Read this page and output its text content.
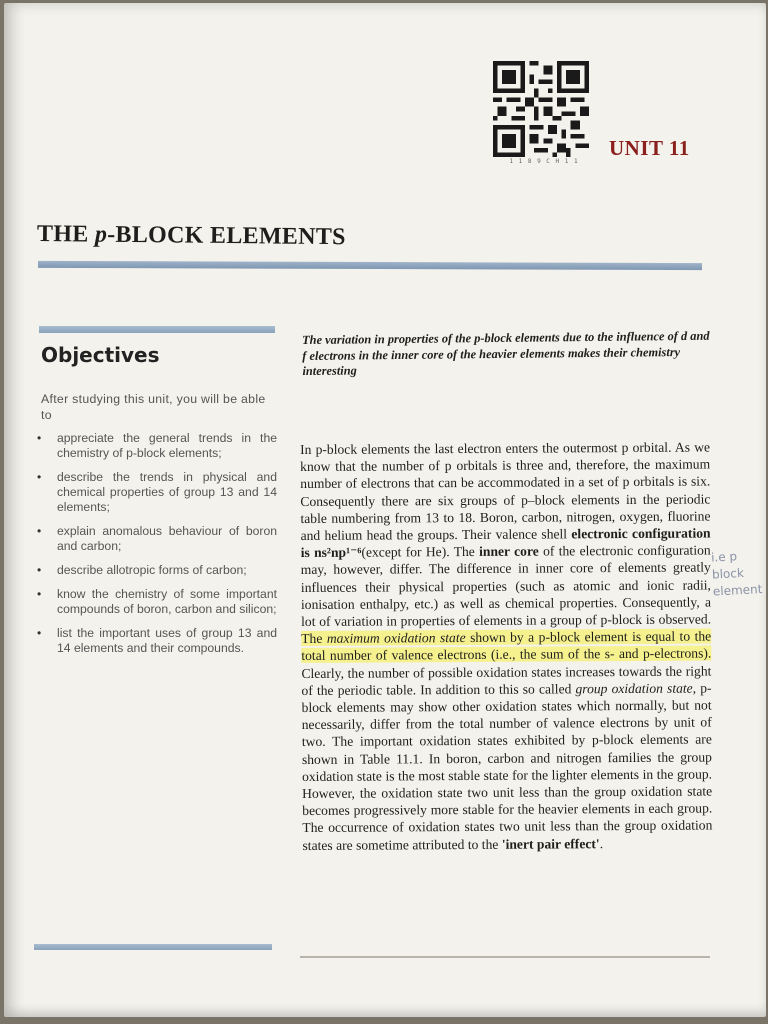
1 1 8 9 C H 1 1
UNIT 11
THE p-BLOCK ELEMENTS
Objectives
After studying this unit, you will be able to
• appreciate the general trends in the chemistry of p-block elements;
• describe the trends in physical and chemical properties of group 13 and 14 elements;
• explain anomalous behaviour of boron and carbon;
• describe allotropic forms of carbon;
• know the chemistry of some important compounds of boron, carbon and silicon;
• list the important uses of group 13 and 14 elements and their compounds.
The variation in properties of the p-block elements due to the influence of d and f electrons in the inner core of the heavier elements makes their chemistry interesting
In p-block elements the last electron enters the outermost p orbital. As we know that the number of p orbitals is three and, therefore, the maximum number of electrons that can be accommodated in a set of p orbitals is six. Consequently there are six groups of p–block elements in the periodic table numbering from 13 to 18. Boron, carbon, nitrogen, oxygen, fluorine and helium head the groups. Their valence shell electronic configuration is ns²np¹⁻⁶(except for He). The inner core of the electronic configuration may, however, differ. The difference in inner core of elements greatly influences their physical properties (such as atomic and ionic radii, ionisation enthalpy, etc.) as well as chemical properties. Consequently, a lot of variation in properties of elements in a group of p-block is observed. The maximum oxidation state shown by a p-block element is equal to the total number of valence electrons (i.e., the sum of the s- and p-electrons). Clearly, the number of possible oxidation states increases towards the right of the periodic table. In addition to this so called group oxidation state, p-block elements may show other oxidation states which normally, but not necessarily, differ from the total number of valence electrons by unit of two. The important oxidation states exhibited by p-block elements are shown in Table 11.1. In boron, carbon and nitrogen families the group oxidation state is the most stable state for the lighter elements in the group. However, the oxidation state two unit less than the group oxidation state becomes progressively more stable for the heavier elements in each group. The occurrence of oxidation states two unit less than the group oxidation states are sometime attributed to the 'inert pair effect'.
i.e p block element
